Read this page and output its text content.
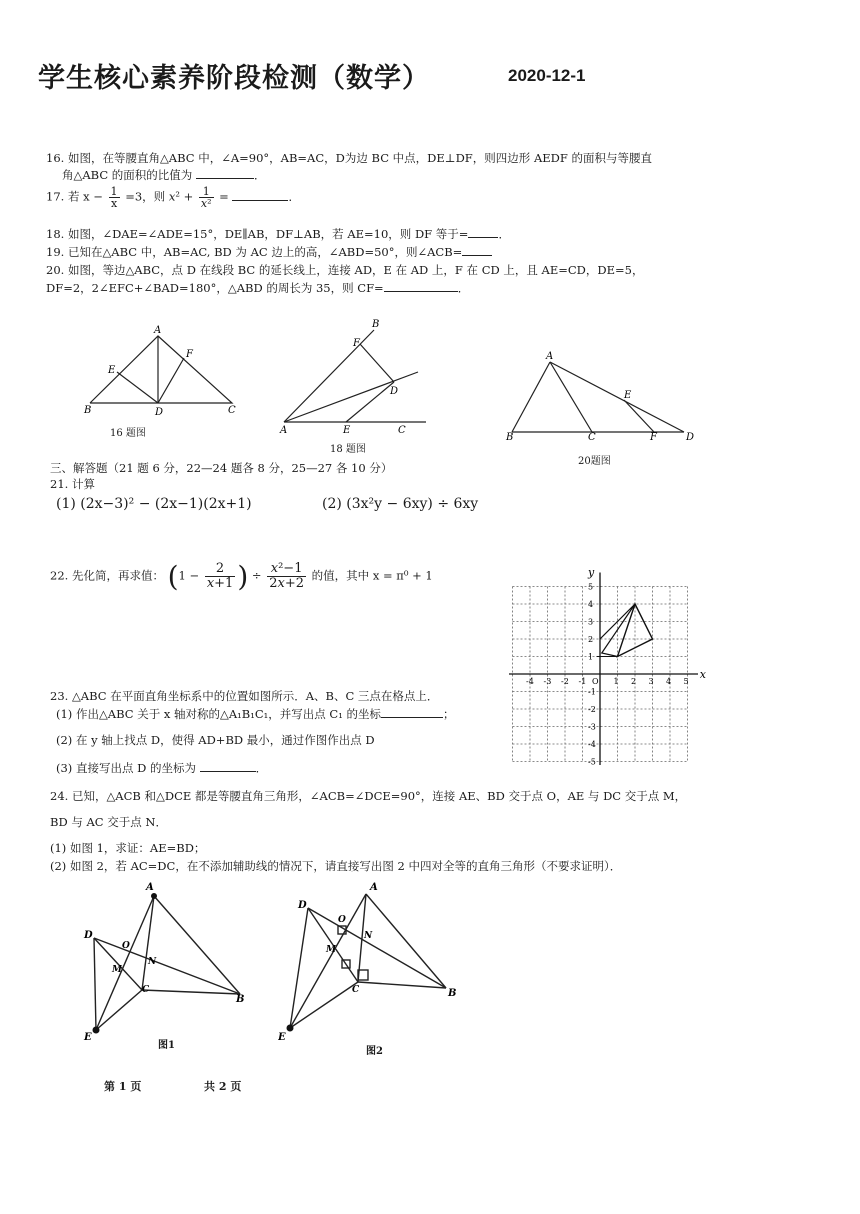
学生核心素养阶段检测（数学）	2020-12-1
16. 如图，在等腰直角△ABC 中，∠A=90°，AB=AC，D为边 BC 中点，DE⊥DF，则四边形 AEDF 的面积与等腰直
角△ABC 的面积的比值为	．
17. 若 $x - \frac{1}{x} =3$，则 $x^2 + \frac{1}{\text{x²}}$ =	．
18. 如图，∠DAE=∠ADE=15°，DE∥AB，DF⊥AB，若 AE=10，则 DF 等于=	．
19. 已知在△ABC 中，AB=AC, BD 为 AC 边上的高，∠ABD=50°，则∠ACB=
20. 如图，等边△ABC，点 D 在线段 BC 的延长线上，连接 AD，E 在 AD 上，F 在 CD 上，且 AE=CD，DE=5，
DF=2，2∠EFC+∠BAD=180°，△ABD 的周长为 35，则 CF=	．
A
B	C
D
E
F
16 题图
B
F
D
A	E	C
18 题图
A
B	C	F	D
E
20题图
三、解答题（21 题 6 分，22—24 题各 8 分，25—27 各 10 分）
21. 计算
(1) (2x−3)² − (2x−1)(2x+1)	(2) (3x²y − 6xy) ÷ 6xy
22. 先化简，再求值： ($1 - \frac{2}{x+1}$ ) ÷ $\frac{\text{x²−1}}{2x+2}$ 的值，其中 x = π⁰ + 1
x
y
O
-4 -3 -2 -1	1 2 3 4 5
5
4
3
2
1
-1
-2
-3
-4
-5
23. △ABC 在平面直角坐标系中的位置如图所示．A、B、C 三点在格点上．
(1) 作出△ABC 关于 x 轴对称的△A₁B₁C₁，并写出点 C₁ 的坐标	；
(2) 在 y 轴上找点 D，使得 AD+BD 最小，通过作图作出点 D
(3) 直接写出点 D 的坐标为	．
24. 已知，△ACB 和△DCE 都是等腰直角三角形，∠ACB=∠DCE=90°，连接 AE、BD 交于点 O，AE 与 DC 交于点 M，
BD 与 AC 交于点 N．
(1) 如图 1，求证：AE=BD；
(2) 如图 2，若 AC=DC，在不添加辅助线的情况下，请直接写出图 2 中四对全等的直角三角形（不要求证明）．
A
D
O
M
N
C
B
E
图1
A
D
O
N
M
C	B
E
图2
第 1 页	共 2 页
